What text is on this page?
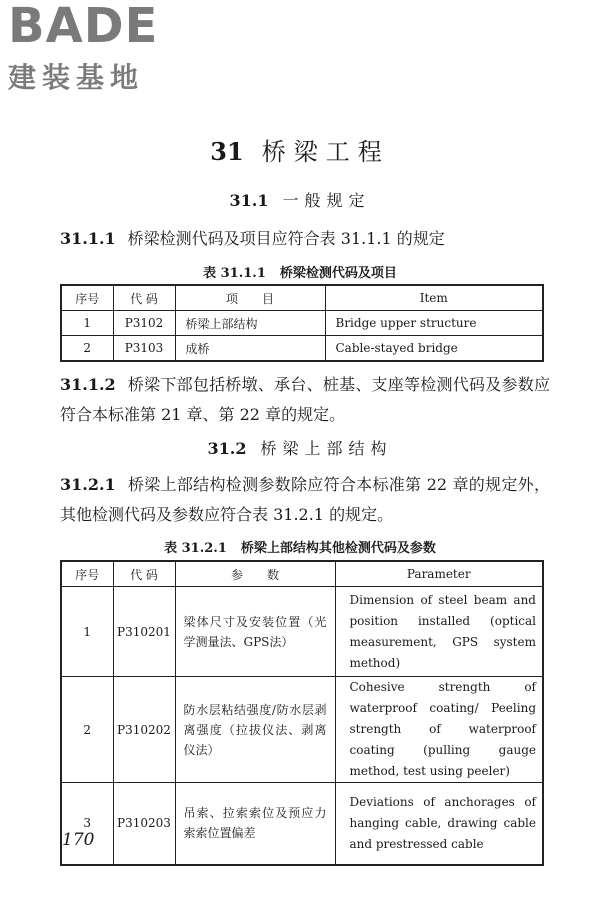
BADE
建装基地
31 桥梁工程
31.1 一般规定
31.1.1 桥梁检测代码及项目应符合表 31.1.1 的规定
表 31.1.1 桥梁检测代码及项目
序号	代 码	项　　目	Item
1	P3102	桥梁上部结构	Bridge upper structure
2	P3103	成桥	Cable-stayed bridge
31.1.2 桥梁下部包括桥墩、承台、桩基、支座等检测代码及参数应符合本标准第 21 章、第 22 章的规定。
31.2 桥梁上部结构
31.2.1 桥梁上部结构检测参数除应符合本标准第 22 章的规定外，其他检测代码及参数应符合表 31.2.1 的规定。
表 31.2.1 桥梁上部结构其他检测代码及参数
序号	代 码	参　　数	Parameter
1	P310201	梁体尺寸及安装位置（光学测量法、GPS法）	Dimension of steel beam and position installed (optical measurement, GPS system method)
2	P310202	防水层粘结强度/防水层剥离强度（拉拔仪法、剥离仪法）	Cohesive strength of waterproof coating/ Peeling strength of waterproof coating (pulling gauge method, test using peeler)
3	P310203	吊索、拉索索位及预应力索索位置偏差	Deviations of anchorages of hanging cable, drawing cable and prestressed cable
170
